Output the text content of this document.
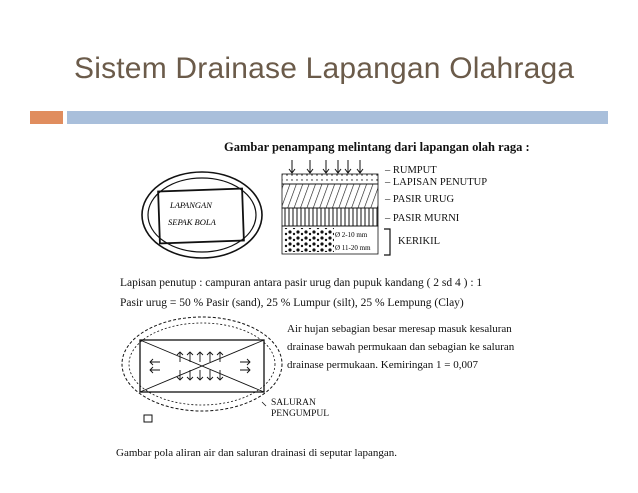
Sistem Drainase Lapangan Olahraga
Gambar penampang melintang dari lapangan olah raga :
LAPANGAN
SEPAK BOLA
Ø 2-10 mm
Ø 11-20 mm
– RUMPUT
– LAPISAN PENUTUP
– PASIR URUG
– PASIR MURNI
KERIKIL
Lapisan penutup : campuran antara pasir urug dan pupuk kandang ( 2 sd 4 ) : 1
Pasir urug = 50 % Pasir (sand), 25 % Lumpur (silt), 25 % Lempung (Clay)
Air hujan sebagian besar meresap masuk kesaluran
drainase bawah permukaan dan sebagian ke saluran
drainase permukaan. Kemiringan 1 = 0,007
SALURAN
PENGUMPUL
Gambar pola aliran air dan saluran drainasi di seputar lapangan.
